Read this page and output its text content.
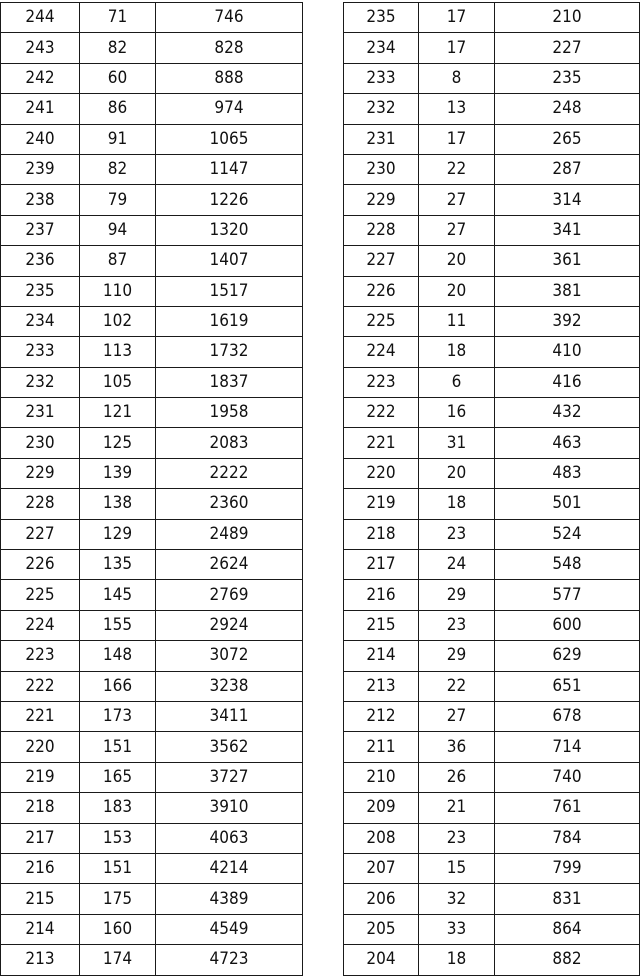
244	71	746
243	82	828
242	60	888
241	86	974
240	91	1065
239	82	1147
238	79	1226
237	94	1320
236	87	1407
235	110	1517
234	102	1619
233	113	1732
232	105	1837
231	121	1958
230	125	2083
229	139	2222
228	138	2360
227	129	2489
226	135	2624
225	145	2769
224	155	2924
223	148	3072
222	166	3238
221	173	3411
220	151	3562
219	165	3727
218	183	3910
217	153	4063
216	151	4214
215	175	4389
214	160	4549
213	174	4723
235	17	210
234	17	227
233	8	235
232	13	248
231	17	265
230	22	287
229	27	314
228	27	341
227	20	361
226	20	381
225	11	392
224	18	410
223	6	416
222	16	432
221	31	463
220	20	483
219	18	501
218	23	524
217	24	548
216	29	577
215	23	600
214	29	629
213	22	651
212	27	678
211	36	714
210	26	740
209	21	761
208	23	784
207	15	799
206	32	831
205	33	864
204	18	882
